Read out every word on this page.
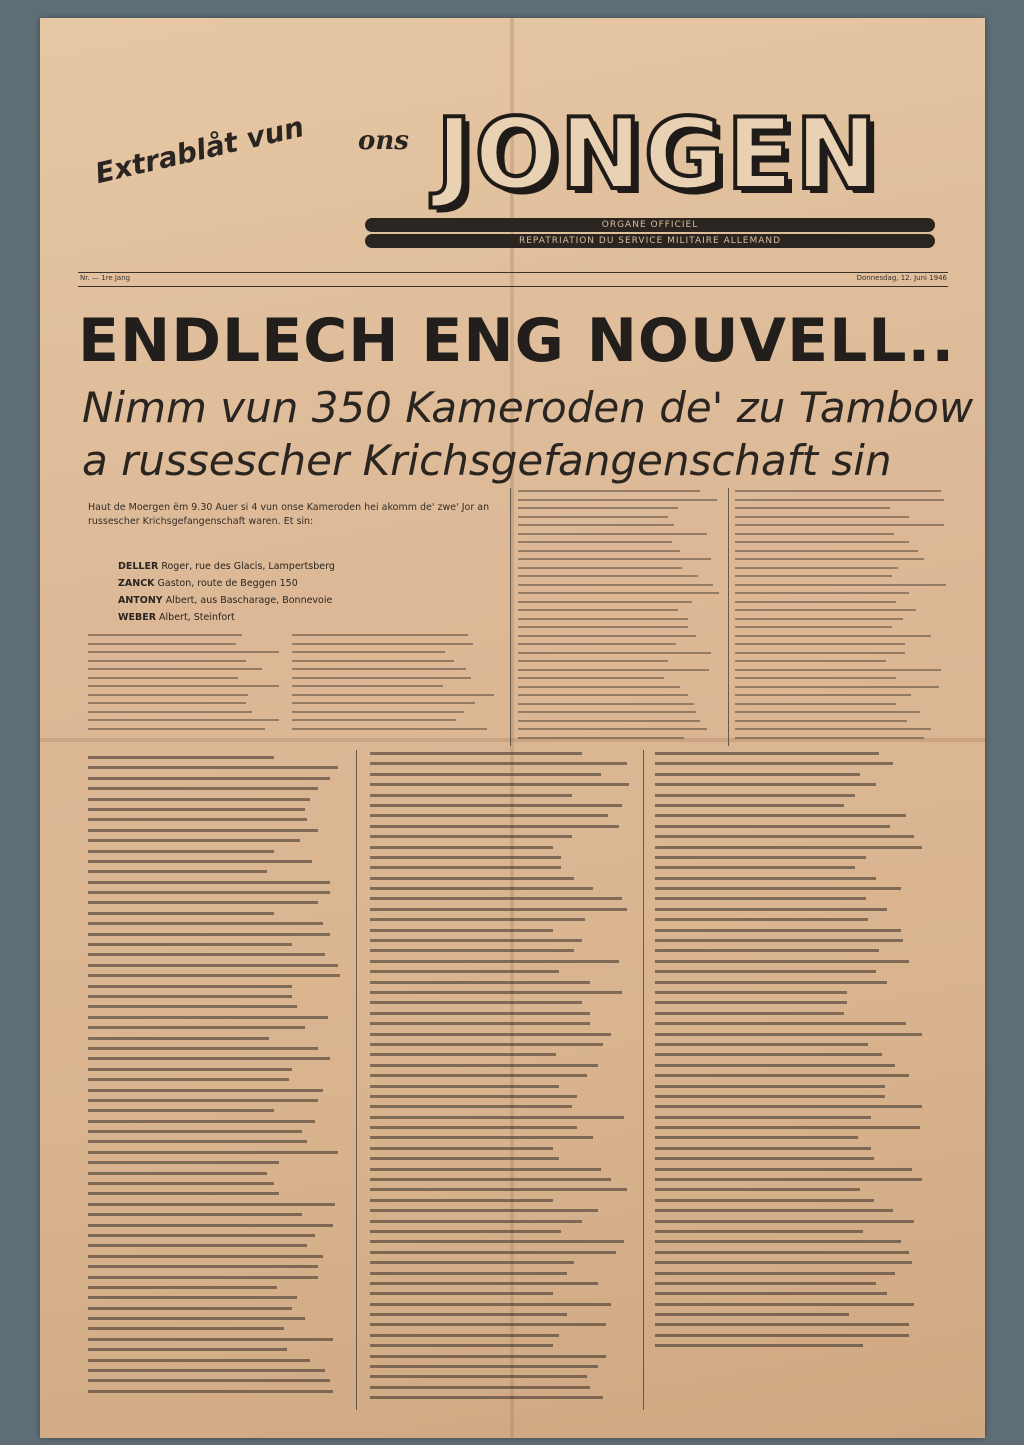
Extrablåt vun ons JONGEN
ORGANE OFFICIEL
REPATRIATION DU SERVICE MILITAIRE ALLEMAND
Nr. — 1re Jang	Donnesdag, 12. Juni 1946
ENDLECH ENG NOUVELL..
Nimm vun 350 Kameroden de' zu Tambow
a russescher Krichsgefangenschaft sin
Haut de Moergen ëm 9.30 Auer si 4 vun onse Kameroden hei akomm de' zwe' Jor an russescher Krichsgefangenschaft waren. Et sin:
DELLER Roger, rue des Glacis, Lampertsberg
ZANCK Gaston, route de Beggen 150
ANTONY Albert, aus Bascharage, Bonnevoie
WEBER Albert, Steinfort
